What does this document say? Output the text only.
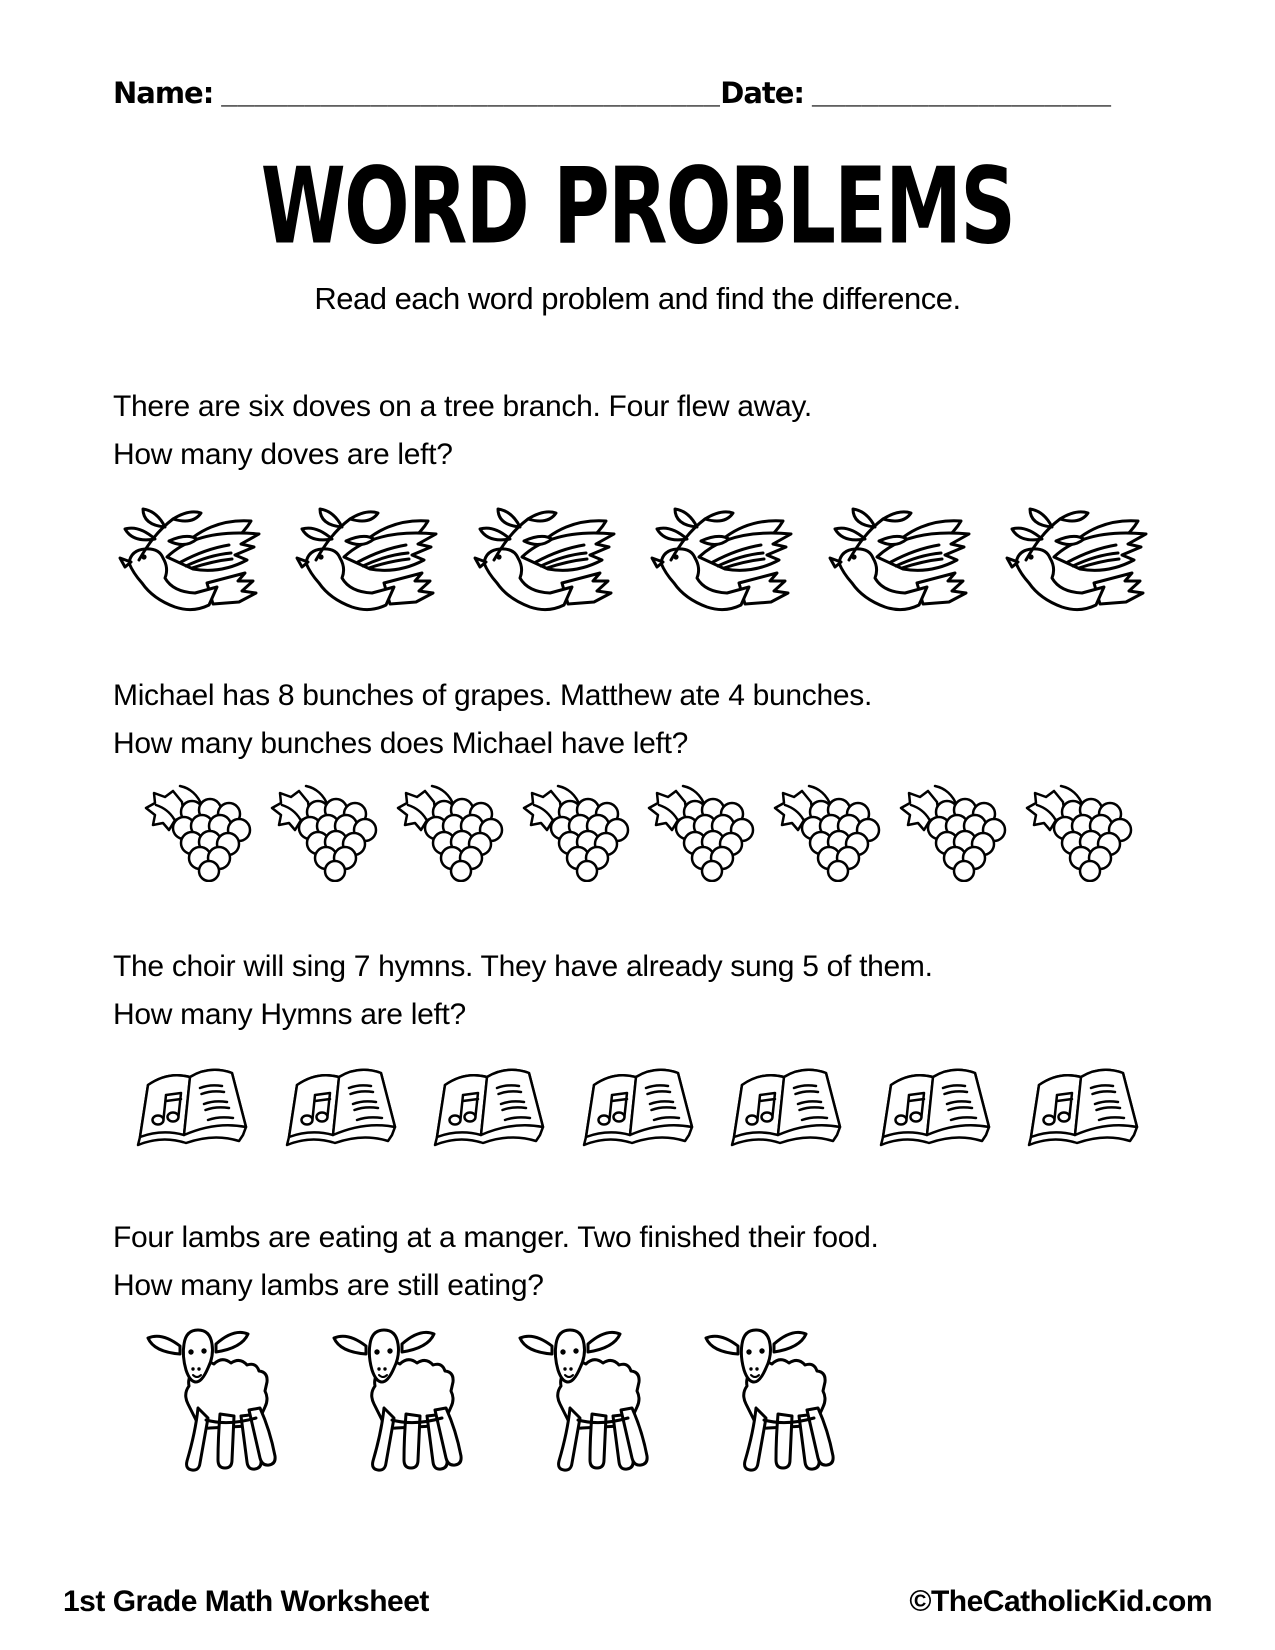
Name: ______________________________ Date: __________________
WORD PROBLEMS

Read each word problem and find the difference.

There are six doves on a tree branch. Four flew away.
How many doves are left?

Michael has 8 bunches of grapes. Matthew ate 4 bunches.
How many bunches does Michael have left?

The choir will sing 7 hymns. They have already sung 5 of them.
How many Hymns are left?

Four lambs are eating at a manger. Two finished their food.
How many lambs are still eating?

1st Grade Math Worksheet	©TheCatholicKid.com
